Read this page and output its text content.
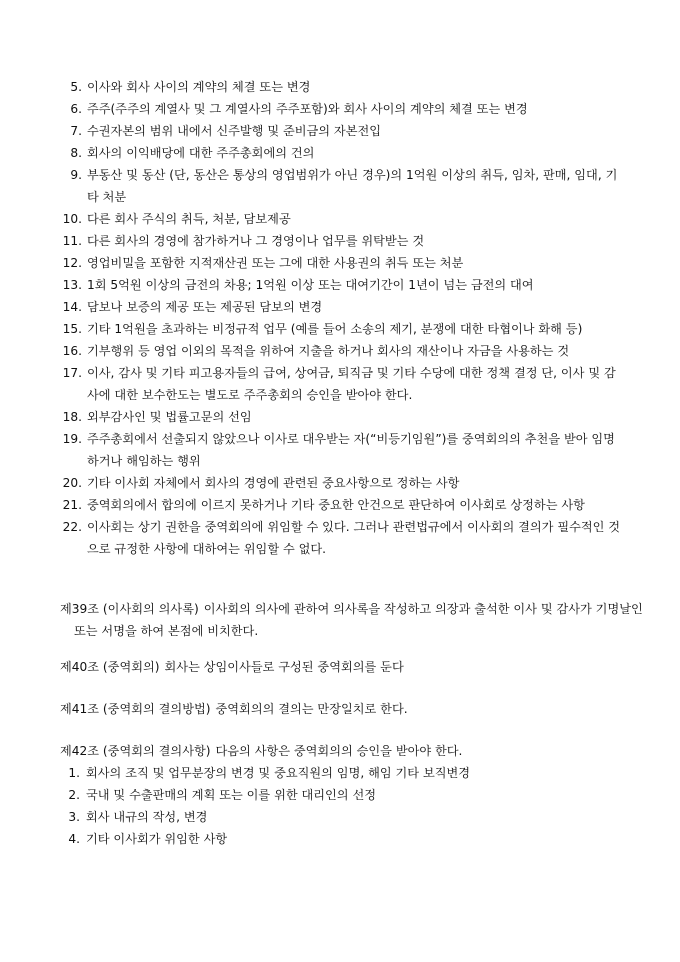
5. 이사와 회사 사이의 계약의 체결 또는 변경
6. 주주(주주의 계열사 및 그 계열사의 주주포함)와 회사 사이의 계약의 체결 또는 변경
7. 수권자본의 범위 내에서 신주발행 및 준비금의 자본전입
8. 회사의 이익배당에 대한 주주총회에의 건의
9. 부동산 및 동산 (단, 동산은 통상의 영업범위가 아닌 경우)의 1억원 이상의 취득, 임차, 판매, 임대, 기타 처분
10. 다른 회사 주식의 취득, 처분, 담보제공
11. 다른 회사의 경영에 참가하거나 그 경영이나 업무를 위탁받는 것
12. 영업비밀을 포함한 지적재산권 또는 그에 대한 사용권의 취득 또는 처분
13. 1회 5억원 이상의 금전의 차용; 1억원 이상 또는 대여기간이 1년이 넘는 금전의 대여
14. 담보나 보증의 제공 또는 제공된 담보의 변경
15. 기타 1억원을 초과하는 비정규적 업무 (예를 들어 소송의 제기, 분쟁에 대한 타협이나 화해 등)
16. 기부행위 등 영업 이외의 목적을 위하여 지출을 하거나 회사의 재산이나 자금을 사용하는 것
17. 이사, 감사 및 기타 피고용자들의 급여, 상여금, 퇴직금 및 기타 수당에 대한 정책 결정 단, 이사 및 감사에 대한 보수한도는 별도로 주주총회의 승인을 받아야 한다.
18. 외부감사인 및 법률고문의 선임
19. 주주총회에서 선출되지 않았으나 이사로 대우받는 자(“비등기임원”)를 중역회의의 추천을 받아 임명하거나 해임하는 행위
20. 기타 이사회 자체에서 회사의 경영에 관련된 중요사항으로 정하는 사항
21. 중역회의에서 합의에 이르지 못하거나 기타 중요한 안건으로 판단하여 이사회로 상정하는 사항
22. 이사회는 상기 권한을 중역회의에 위임할 수 있다. 그러나 관련법규에서 이사회의 결의가 필수적인 것으로 규정한 사항에 대하여는 위임할 수 없다.

제39조 (이사회의 의사록) 이사회의 의사에 관하여 의사록을 작성하고 의장과 출석한 이사 및 감사가 기명날인 또는 서명을 하여 본점에 비치한다.

제40조 (중역회의) 회사는 상임이사들로 구성된 중역회의를 둔다

제41조 (중역회의 결의방법) 중역회의의 결의는 만장일치로 한다.

제42조 (중역회의 결의사항) 다음의 사항은 중역회의의 승인을 받아야 한다.

1. 회사의 조직 및 업무분장의 변경 및 중요직원의 임명, 해임 기타 보직변경
2. 국내 및 수출판매의 계획 또는 이를 위한 대리인의 선정
3. 회사 내규의 작성, 변경
4. 기타 이사회가 위임한 사항
